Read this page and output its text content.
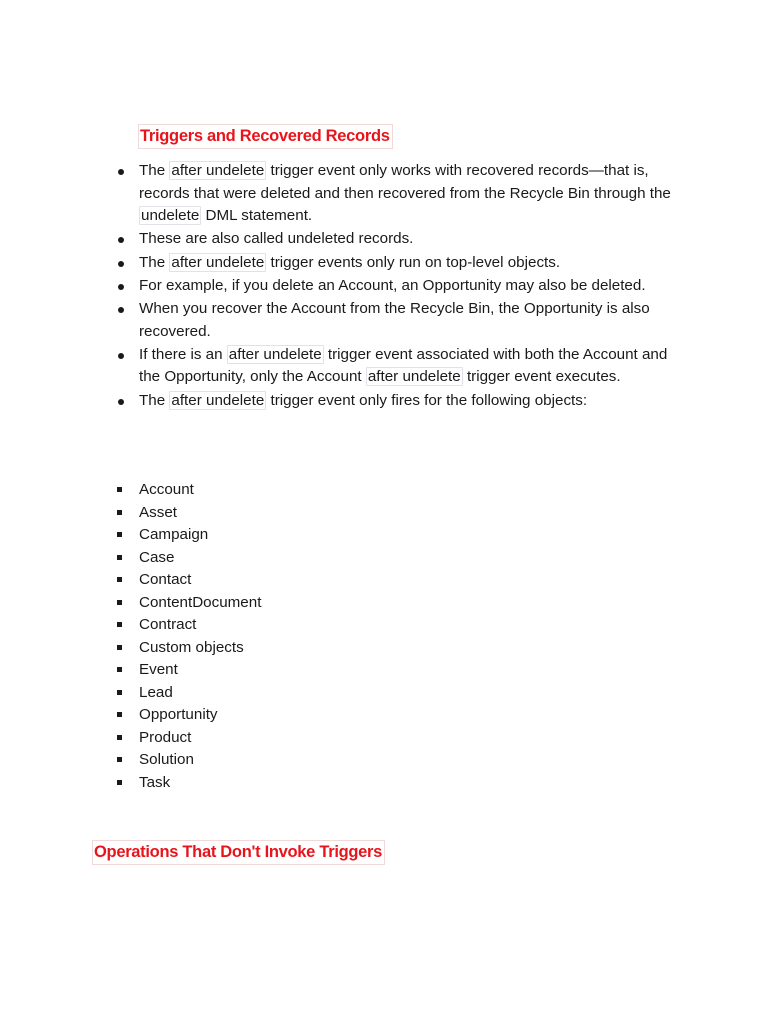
Triggers and Recovered Records
The after undelete trigger event only works with recovered records—that is, records that were deleted and then recovered from the Recycle Bin through the undelete DML statement.
These are also called undeleted records.
The after undelete trigger events only run on top-level objects.
For example, if you delete an Account, an Opportunity may also be deleted.
When you recover the Account from the Recycle Bin, the Opportunity is also recovered.
If there is an after undelete trigger event associated with both the Account and the Opportunity, only the Account after undelete trigger event executes.
The after undelete trigger event only fires for the following objects:
Account
Asset
Campaign
Case
Contact
ContentDocument
Contract
Custom objects
Event
Lead
Opportunity
Product
Solution
Task
Operations That Don't Invoke Triggers
